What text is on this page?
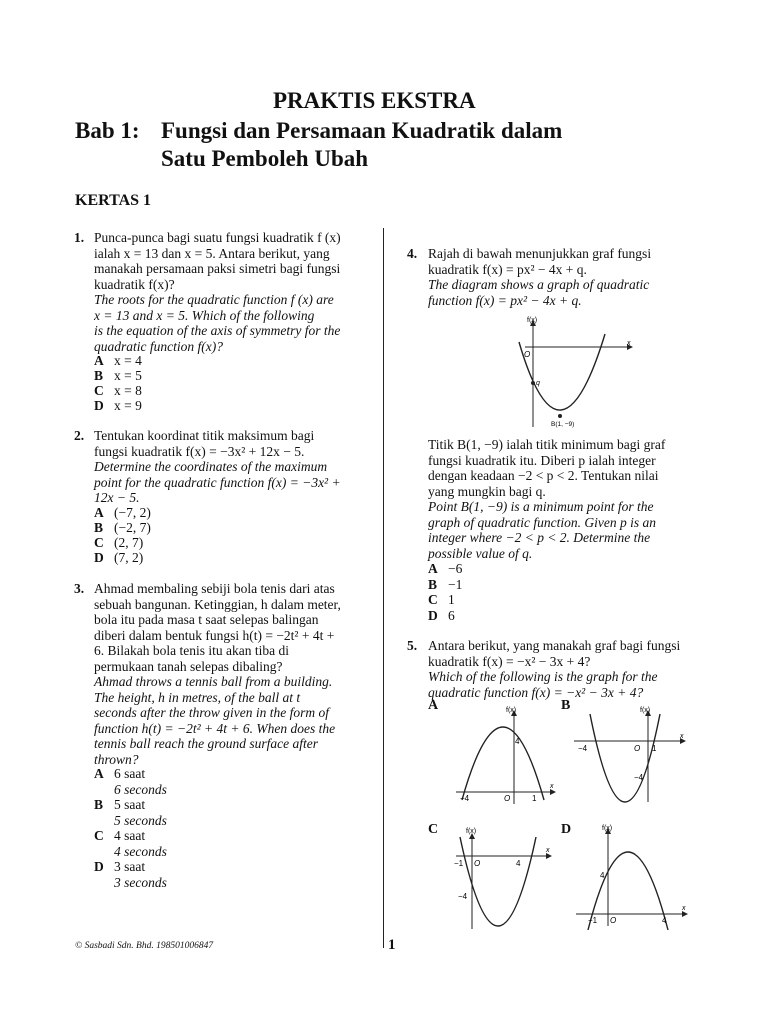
PRAKTIS EKSTRA
Bab 1: Fungsi dan Persamaan Kuadratik dalam
Satu Pemboleh Ubah
KERTAS 1
1. Punca-punca bagi suatu fungsi kuadratik f (x)
ialah x = 13 dan x = 5. Antara berikut, yang
manakah persamaan paksi simetri bagi fungsi
kuadratik f(x)?
The roots for the quadratic function f (x) are
x = 13 and x = 5. Which of the following
is the equation of the axis of symmetry for the
quadratic function f(x)?
A x = 4
B x = 5
C x = 8
D x = 9
2. Tentukan koordinat titik maksimum bagi
fungsi kuadratik f(x) = −3x² + 12x − 5.
Determine the coordinates of the maximum
point for the quadratic function f(x) = −3x² +
12x − 5.
A (−7, 2)
B (−2, 7)
C (2, 7)
D (7, 2)
3. Ahmad membaling sebiji bola tenis dari atas
sebuah bangunan. Ketinggian, h dalam meter,
bola itu pada masa t saat selepas balingan
diberi dalam bentuk fungsi h(t) = −2t² + 4t +
6. Bilakah bola tenis itu akan tiba di
permukaan tanah selepas dibaling?
Ahmad throws a tennis ball from a building.
The height, h in metres, of the ball at t
seconds after the throw given in the form of
function h(t) = −2t² + 4t + 6. When does the
tennis ball reach the ground surface after
thrown?
A 6 saat
6 seconds
B 5 saat
5 seconds
C 4 saat
4 seconds
D 3 saat
3 seconds
4. Rajah di bawah menunjukkan graf fungsi
kuadratik f(x) = px² − 4x + q.
The diagram shows a graph of quadratic
function f(x) = px² − 4x + q.
f(x)
x
O
q
B(1, −9)
Titik B(1, −9) ialah titik minimum bagi graf
fungsi kuadratik itu. Diberi p ialah integer
dengan keadaan −2 < p < 2. Tentukan nilai
yang mungkin bagi q.
Point B(1, −9) is a minimum point for the
graph of quadratic function. Given p is an
integer where −2 < p < 2. Determine the
possible value of q.
A −6
B −1
C 1
D 6
5. Antara berikut, yang manakah graf bagi fungsi
kuadratik f(x) = −x² − 3x + 4?
Which of the following is the graph for the
quadratic function f(x) = −x² − 3x + 4?
A	f(x)
x
4
−4	O	1
B	f(x)
x
−4	O 1
−4
C	f(x)
x
−1 O	4
−4
D	f(x)
x
4
−1 O	4
© Sasbadi Sdn. Bhd. 198501006847	1
